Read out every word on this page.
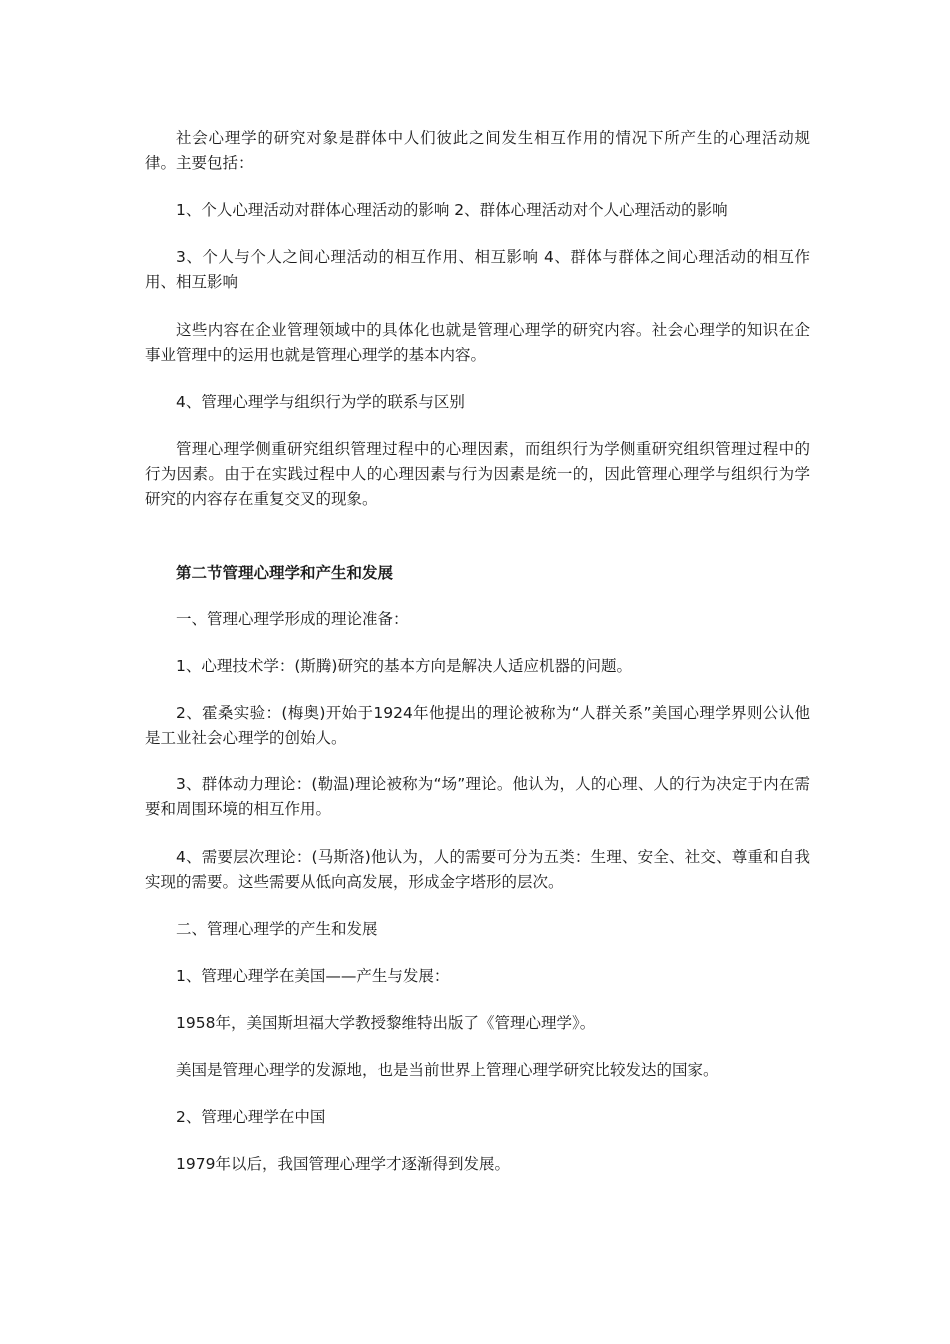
社会心理学的研究对象是群体中人们彼此之间发生相互作用的情况下所产生的心理活动规律。主要包括：

1、个人心理活动对群体心理活动的影响 2、群体心理活动对个人心理活动的影响

3、个人与个人之间心理活动的相互作用、相互影响 4、群体与群体之间心理活动的相互作用、相互影响

这些内容在企业管理领域中的具体化也就是管理心理学的研究内容。社会心理学的知识在企事业管理中的运用也就是管理心理学的基本内容。

4、管理心理学与组织行为学的联系与区别

管理心理学侧重研究组织管理过程中的心理因素，而组织行为学侧重研究组织管理过程中的行为因素。由于在实践过程中人的心理因素与行为因素是统一的，因此管理心理学与组织行为学研究的内容存在重复交叉的现象。

第二节管理心理学和产生和发展

一、管理心理学形成的理论准备：

1、心理技术学：(斯腾)研究的基本方向是解决人适应机器的问题。

2、霍桑实验：(梅奥)开始于1924年他提出的理论被称为“人群关系”美国心理学界则公认他是工业社会心理学的创始人。

3、群体动力理论：(勒温)理论被称为“场”理论。他认为，人的心理、人的行为决定于内在需要和周围环境的相互作用。

4、需要层次理论：(马斯洛)他认为，人的需要可分为五类：生理、安全、社交、尊重和自我实现的需要。这些需要从低向高发展，形成金字塔形的层次。

二、管理心理学的产生和发展

1、管理心理学在美国——产生与发展：

1958年，美国斯坦福大学教授黎维特出版了《管理心理学》。

美国是管理心理学的发源地，也是当前世界上管理心理学研究比较发达的国家。

2、管理心理学在中国

1979年以后，我国管理心理学才逐渐得到发展。
